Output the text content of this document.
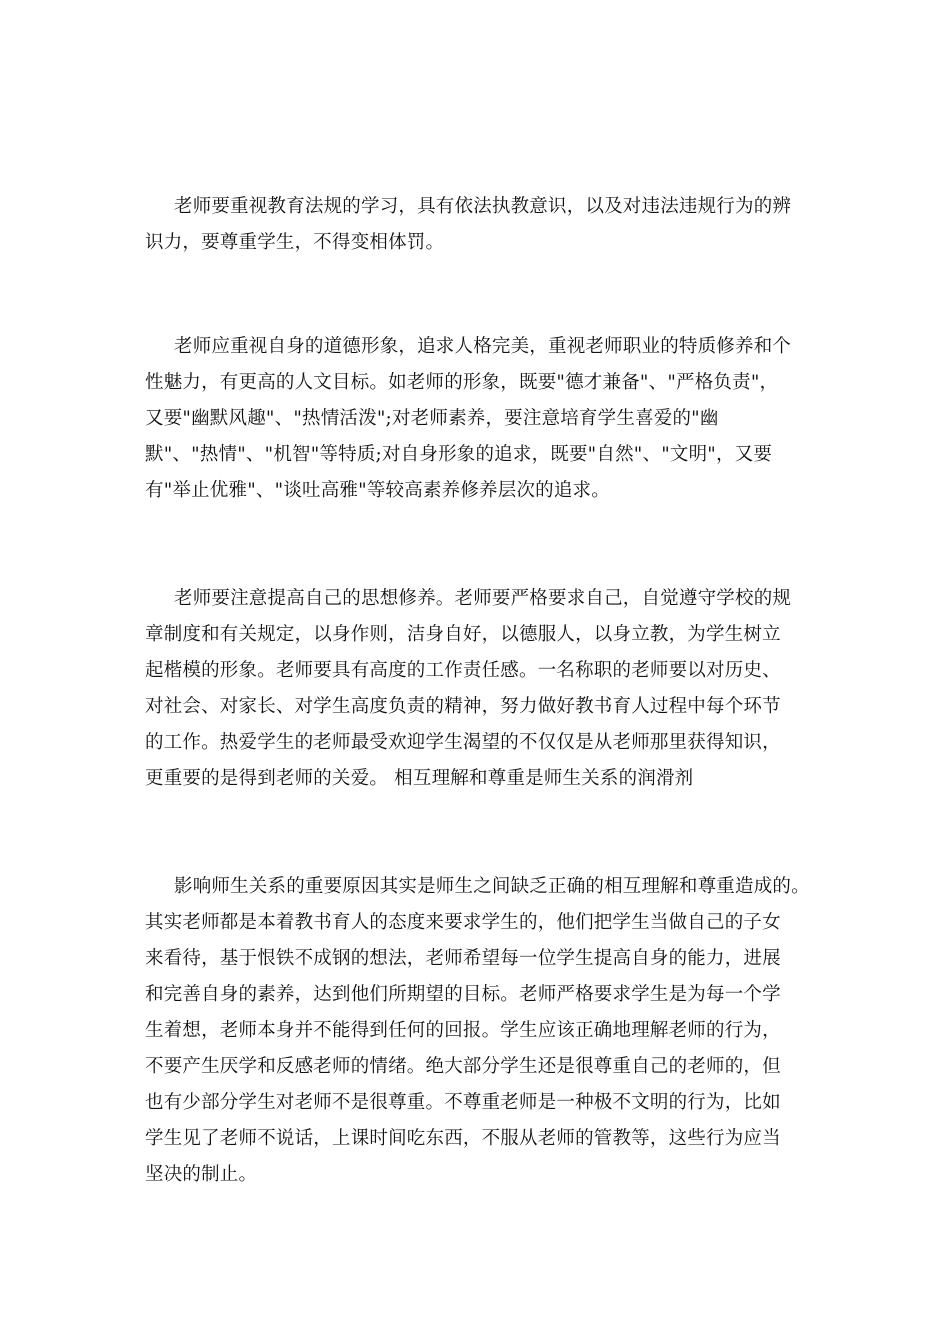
老师要重视教育法规的学习，具有依法执教意识，以及对违法违规行为的辨
识力，要尊重学生，不得变相体罚。
老师应重视自身的道德形象，追求人格完美，重视老师职业的特质修养和个
性魅力，有更高的人文目标。如老师的形象，既要"德才兼备"、"严格负责"，
又要"幽默风趣"、"热情活泼";对老师素养，要注意培育学生喜爱的"幽
默"、"热情"、"机智"等特质;对自身形象的追求，既要"自然"、"文明"，又要
有"举止优雅"、"谈吐高雅"等较高素养修养层次的追求。
老师要注意提高自己的思想修养。老师要严格要求自己，自觉遵守学校的规
章制度和有关规定，以身作则，洁身自好，以德服人，以身立教，为学生树立
起楷模的形象。老师要具有高度的工作责任感。一名称职的老师要以对历史、
对社会、对家长、对学生高度负责的精神，努力做好教书育人过程中每个环节
的工作。热爱学生的老师最受欢迎学生渴望的不仅仅是从老师那里获得知识，
更重要的是得到老师的关爱。 相互理解和尊重是师生关系的润滑剂
影响师生关系的重要原因其实是师生之间缺乏正确的相互理解和尊重造成的。
其实老师都是本着教书育人的态度来要求学生的，他们把学生当做自己的子女
来看待，基于恨铁不成钢的想法，老师希望每一位学生提高自身的能力，进展
和完善自身的素养，达到他们所期望的目标。老师严格要求学生是为每一个学
生着想，老师本身并不能得到任何的回报。学生应该正确地理解老师的行为，
不要产生厌学和反感老师的情绪。绝大部分学生还是很尊重自己的老师的，但
也有少部分学生对老师不是很尊重。不尊重老师是一种极不文明的行为，比如
学生见了老师不说话，上课时间吃东西，不服从老师的管教等，这些行为应当
坚决的制止。
